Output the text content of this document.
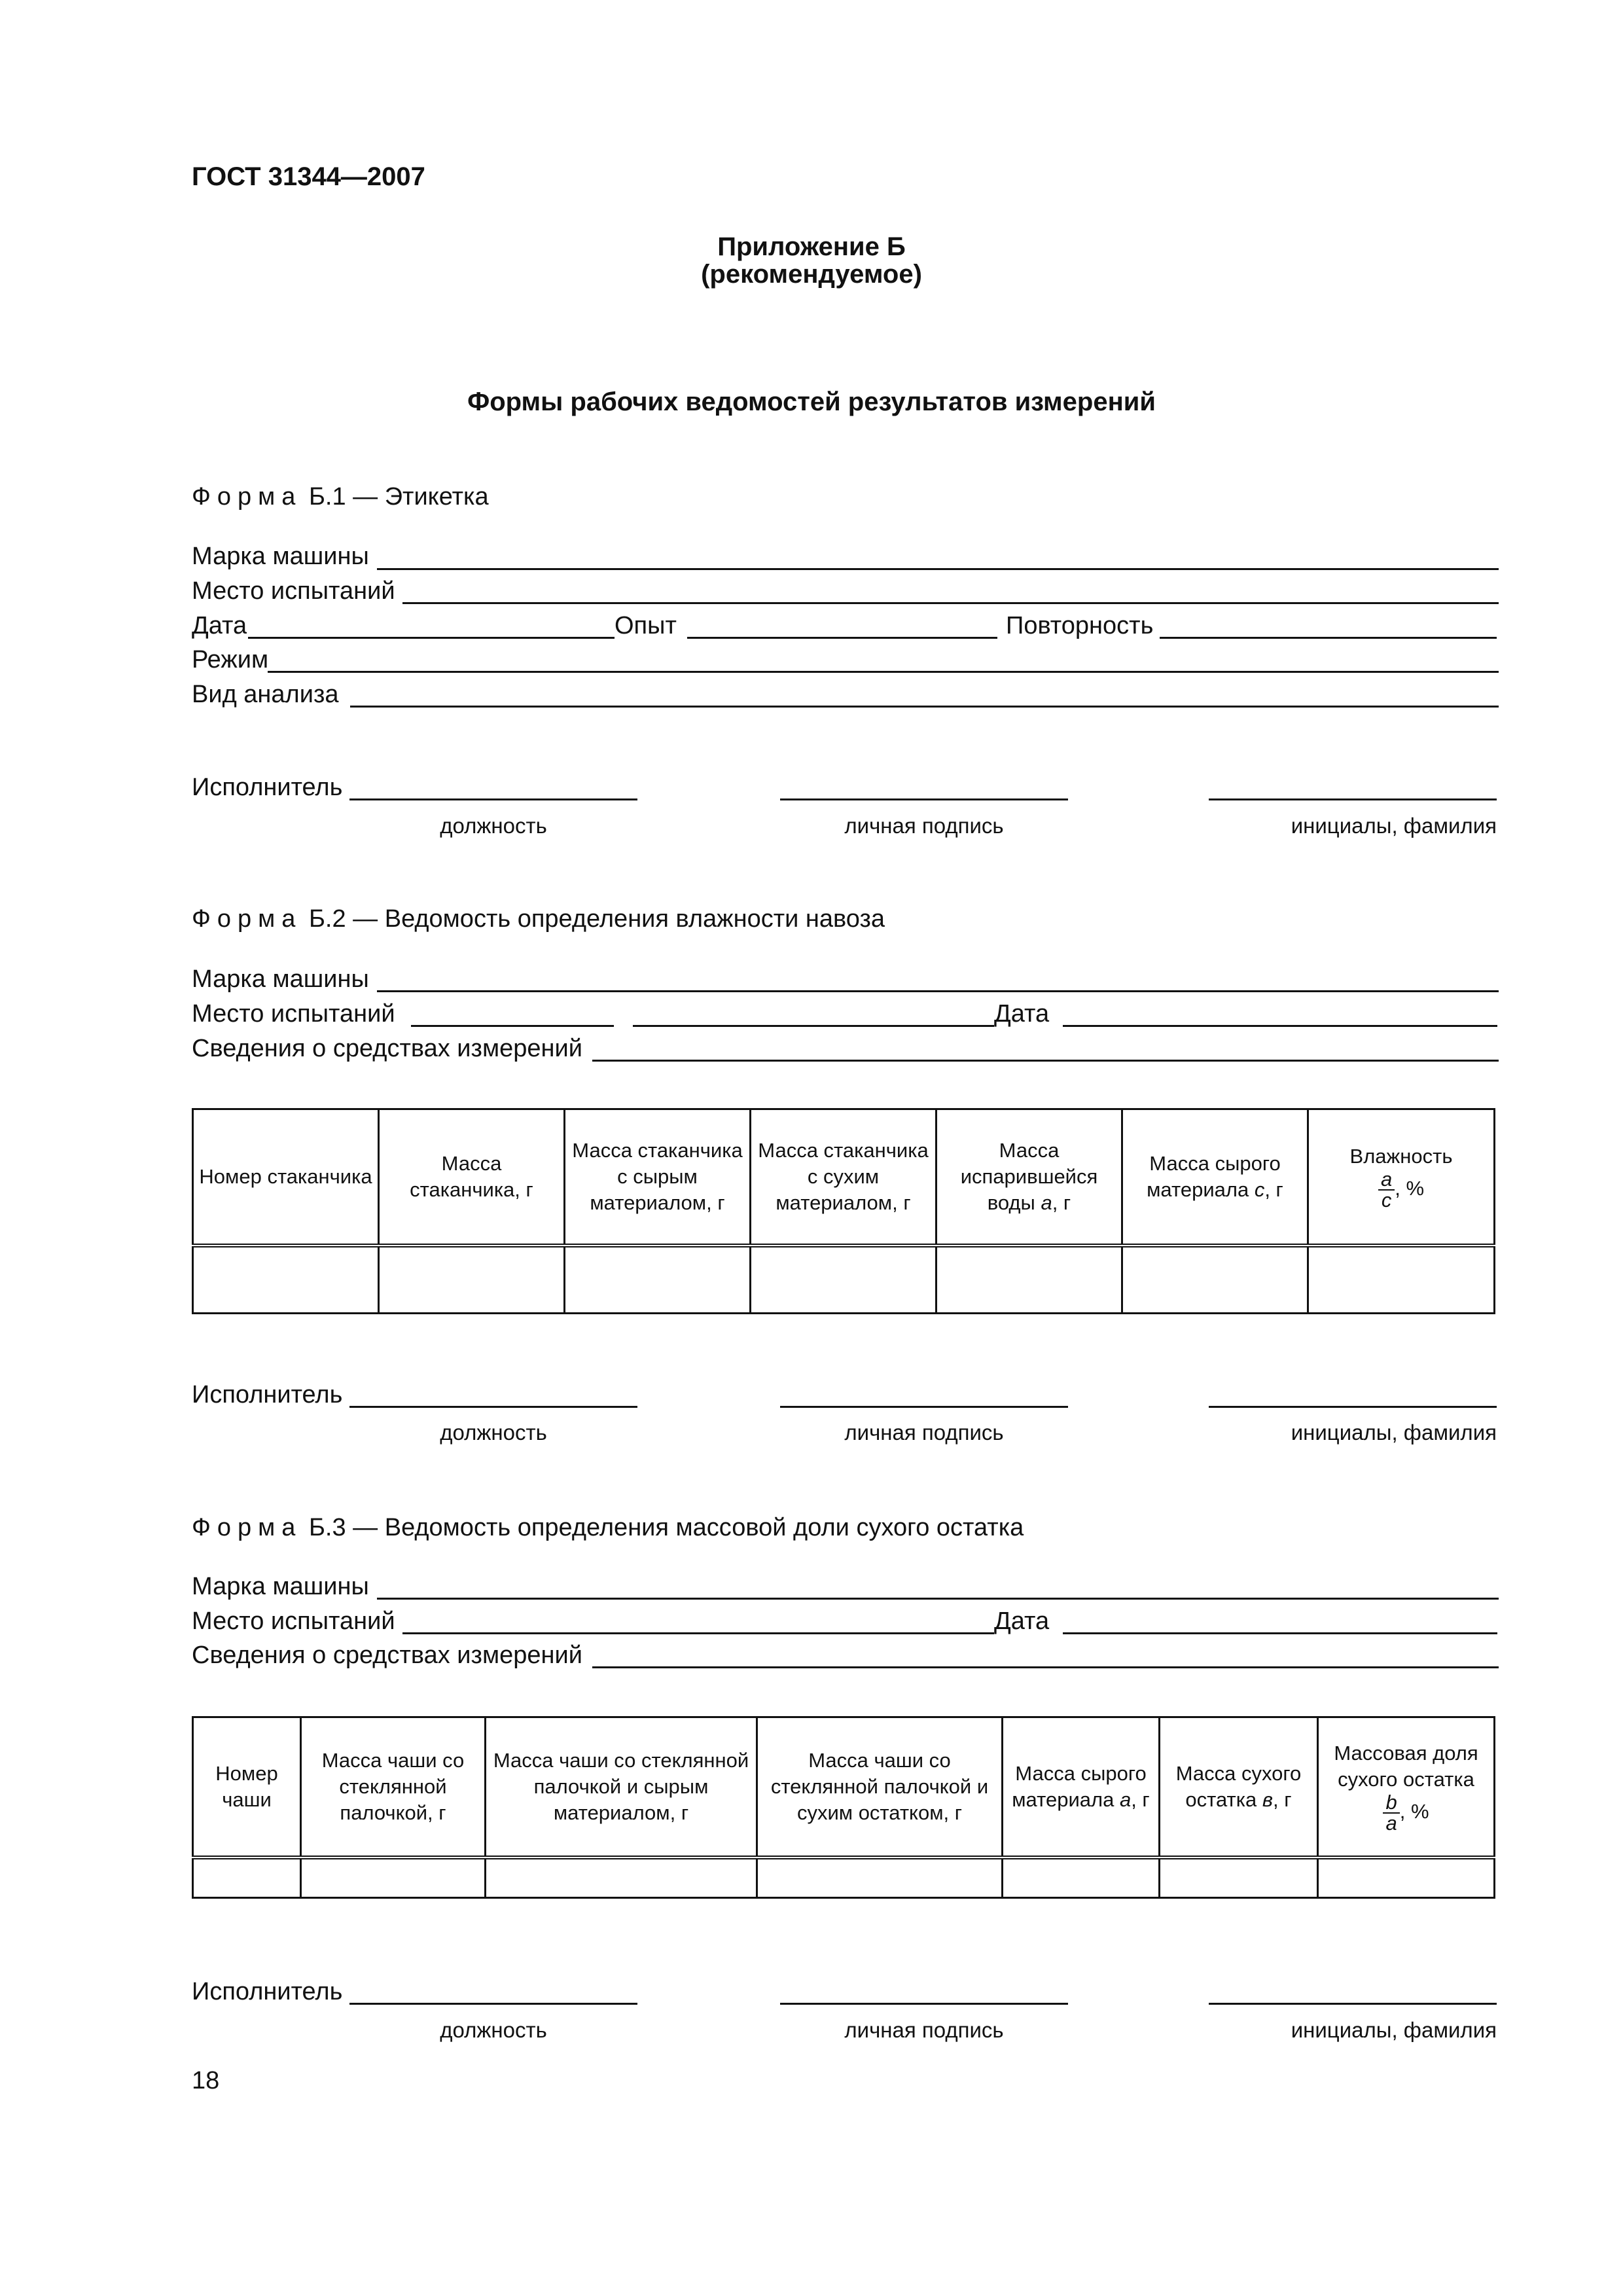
ГОСТ 31344—2007
Приложение Б
(рекомендуемое)
Формы рабочих ведомостей результатов измерений
Форма Б.1 — Этикетка
Марка машины
Место испытаний
Дата	Опыт	Повторность
Режим
Вид анализа
Исполнитель
должность	личная подпись	инициалы, фамилия
Форма Б.2 — Ведомость определения влажности навоза
Марка машины
Место испытаний	Дата
Сведения о средствах измерений
Номер стаканчика	Масса стаканчика, г	Масса стаканчика с сырым материалом, г	Масса стаканчика с сухим материалом, г	Масса испарившейся воды а, г	Масса сырого материала с, г	Влажность
$\frac{a}{c}$ , %

Исполнитель
должность	личная подпись	инициалы, фамилия
Форма Б.3 — Ведомость определения массовой доли сухого остатка
Марка машины
Место испытаний	Дата
Сведения о средствах измерений
Номер чаши	Масса чаши со стеклянной палочкой, г	Масса чаши со стеклянной палочкой и сырым материалом, г	Масса чаши со стеклянной палочкой и сухим остатком, г	Масса сырого материала а, г	Масса сухого остатка в, г	Массовая доля сухого остатка
$\frac{b}{a}$ , %

Исполнитель
должность	личная подпись	инициалы, фамилия
18
